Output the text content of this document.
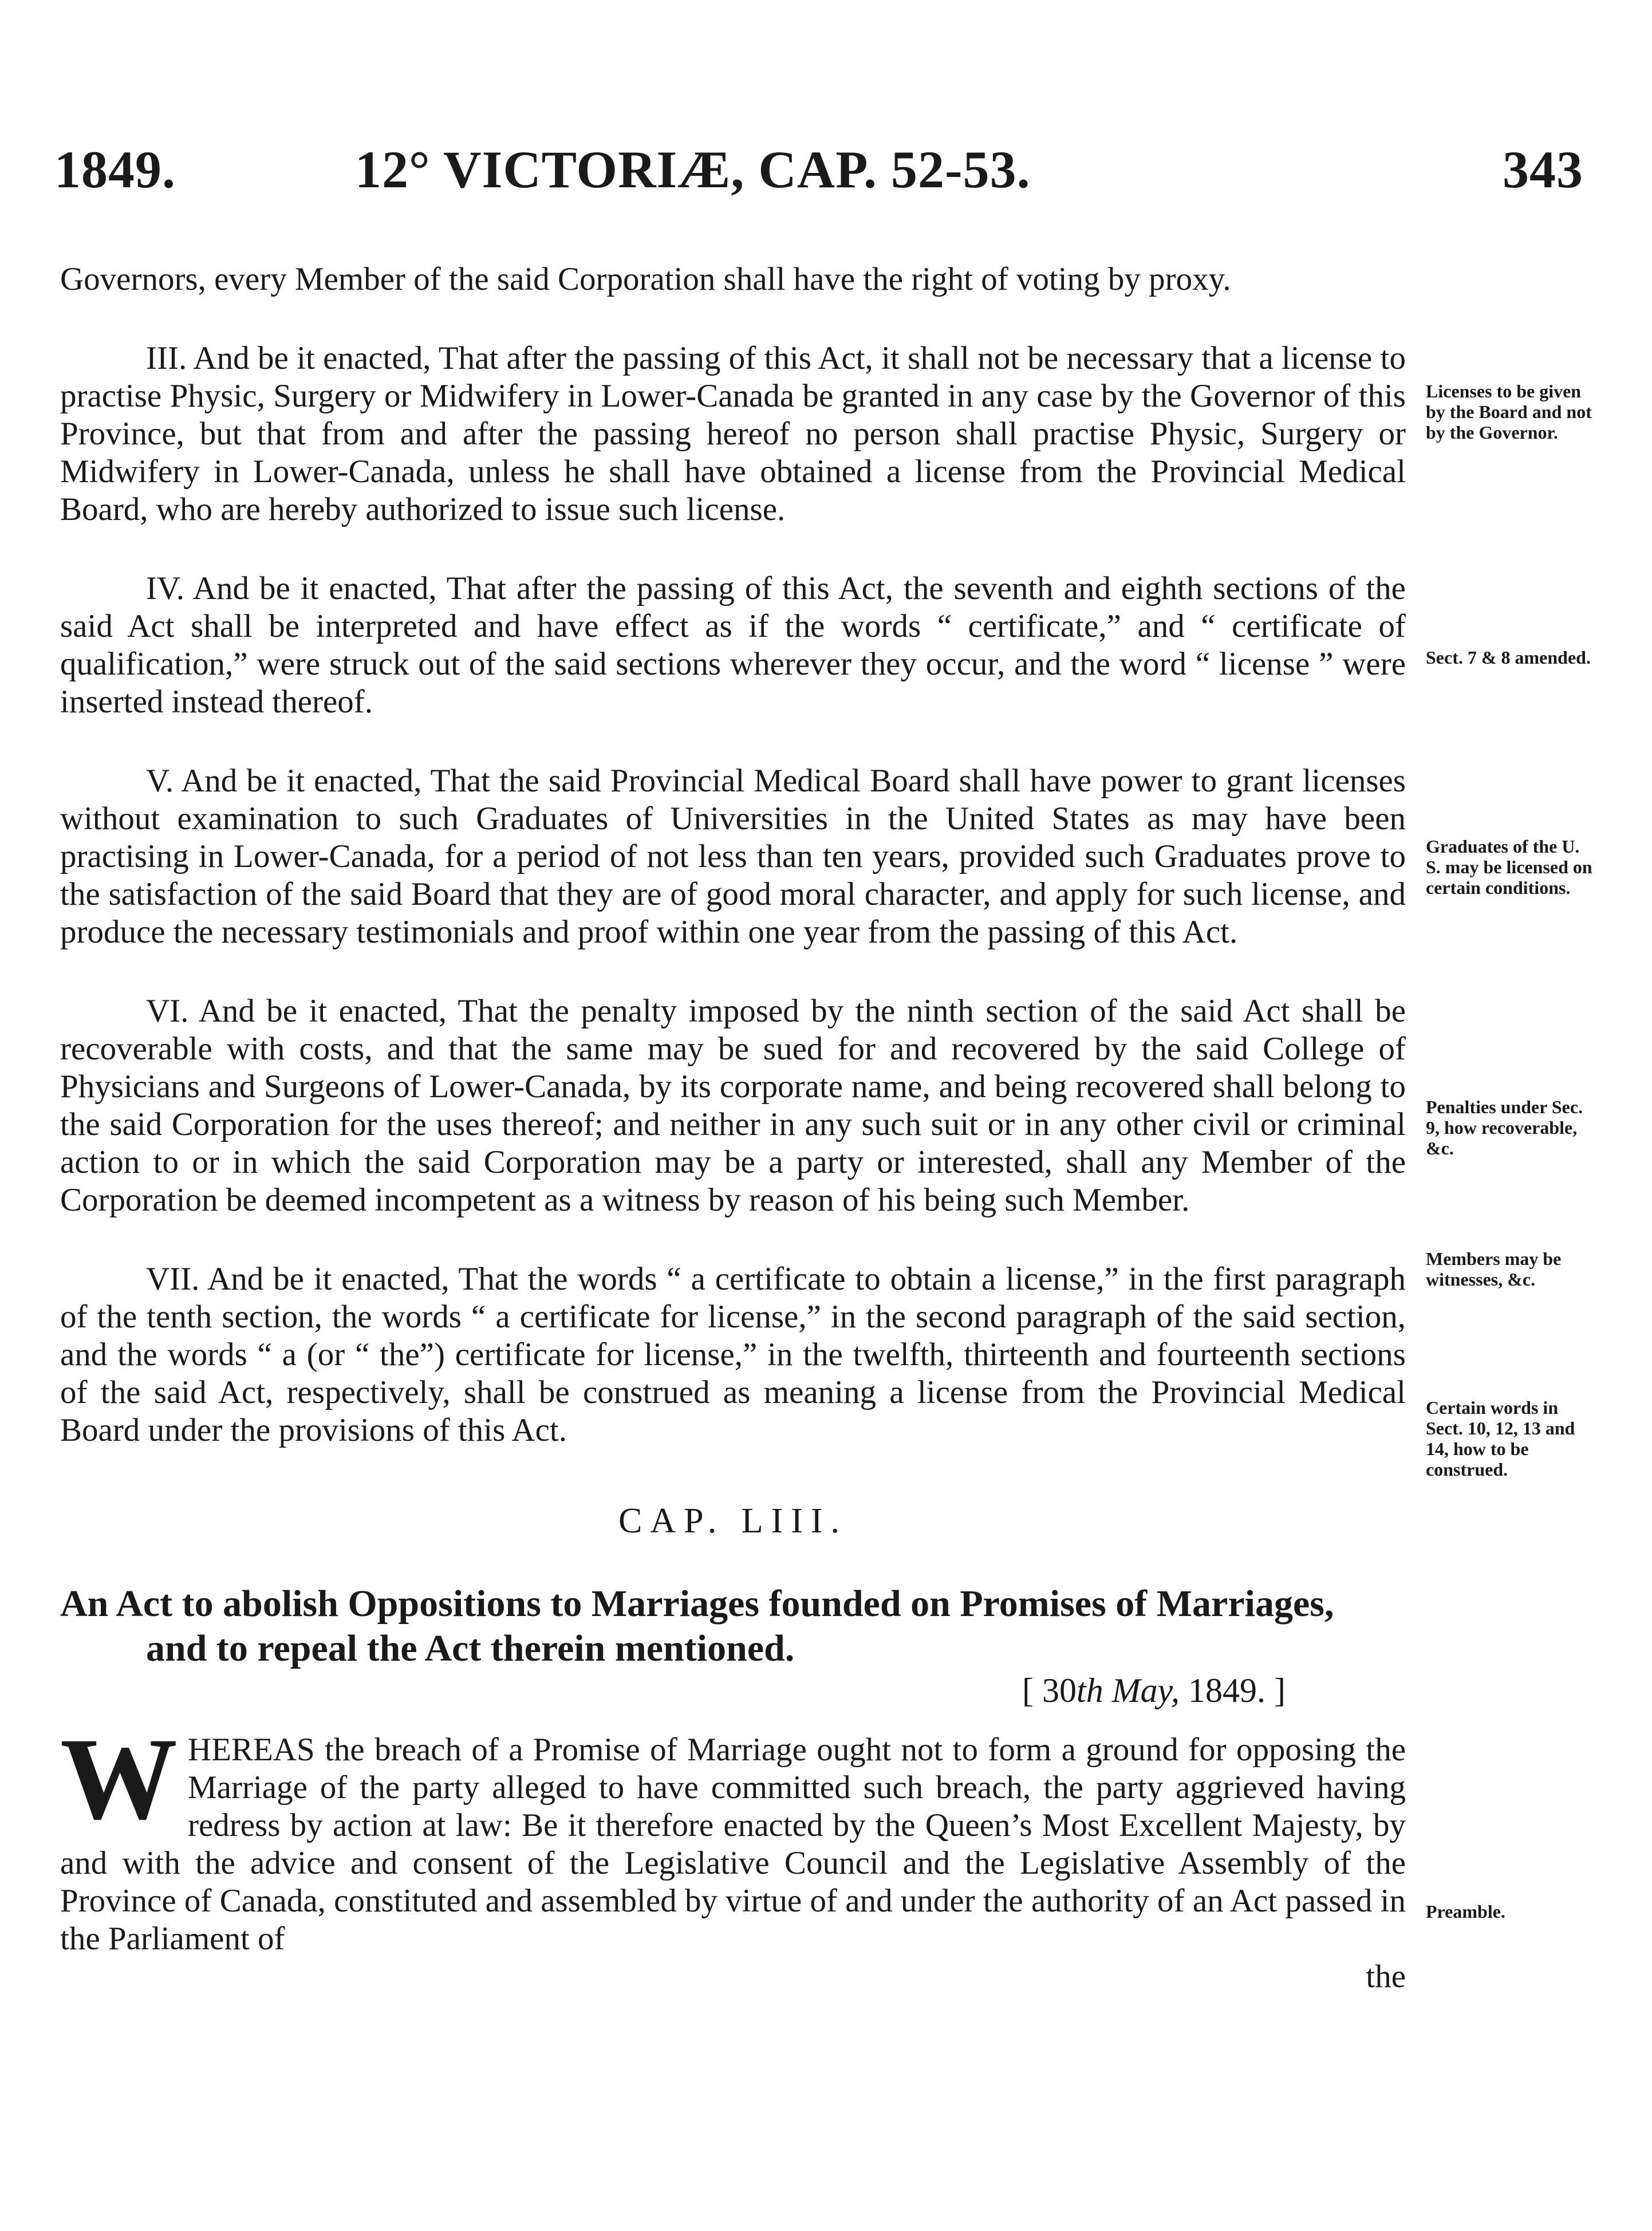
1849.	12° VICTORIÆ, CAP. 52-53.	343

Governors, every Member of the said Corporation shall have the right of voting by proxy.

III. And be it enacted, That after the passing of this Act, it shall not be necessary that a license to practise Physic, Surgery or Midwifery in Lower-Canada be granted in any case by the Governor of this Province, but that from and after the passing hereof no person shall practise Physic, Surgery or Midwifery in Lower-Canada, unless he shall have obtained a license from the Provincial Medical Board, who are hereby authorized to issue such license.

IV. And be it enacted, That after the passing of this Act, the seventh and eighth sections of the said Act shall be interpreted and have effect as if the words “ certificate,” and “ certificate of qualification,” were struck out of the said sections wherever they occur, and the word “ license ” were inserted instead thereof.

V. And be it enacted, That the said Provincial Medical Board shall have power to grant licenses without examination to such Graduates of Universities in the United States as may have been practising in Lower-Canada, for a period of not less than ten years, provided such Graduates prove to the satisfaction of the said Board that they are of good moral character, and apply for such license, and produce the necessary testimonials and proof within one year from the passing of this Act.

VI. And be it enacted, That the penalty imposed by the ninth section of the said Act shall be recoverable with costs, and that the same may be sued for and recovered by the said College of Physicians and Surgeons of Lower-Canada, by its corporate name, and being recovered shall belong to the said Corporation for the uses thereof; and neither in any such suit or in any other civil or criminal action to or in which the said Corporation may be a party or interested, shall any Member of the Corporation be deemed incompetent as a witness by reason of his being such Member.

VII. And be it enacted, That the words “ a certificate to obtain a license,” in the first paragraph of the tenth section, the words “ a certificate for license,” in the second paragraph of the said section, and the words “ a (or “ the”) certificate for license,” in the twelfth, thirteenth and fourteenth sections of the said Act, respectively, shall be construed as meaning a license from the Provincial Medical Board under the provisions of this Act.

CAP. LIII.

An Act to abolish Oppositions to Marriages founded on Promises of Marriages,
and to repeal the Act therein mentioned.

[ 30th May, 1849. ]

WHEREAS the breach of a Promise of Marriage ought not to form a ground for opposing the Marriage of the party alleged to have committed such breach, the party aggrieved having redress by action at law: Be it therefore enacted by the Queen’s Most Excellent Majesty, by and with the advice and consent of the Legislative Council and the Legislative Assembly of the Province of Canada, constituted and assembled by virtue of and under the authority of an Act passed in the Parliament of

the

Licenses to be given by the Board and not by the Governor.
Sect. 7 & 8 amended.
Graduates of the U. S. may be licensed on certain conditions.
Penalties under Sec. 9, how recoverable, &c.
Members may be witnesses, &c.
Certain words in Sect. 10, 12, 13 and 14, how to be construed.
Preamble.
